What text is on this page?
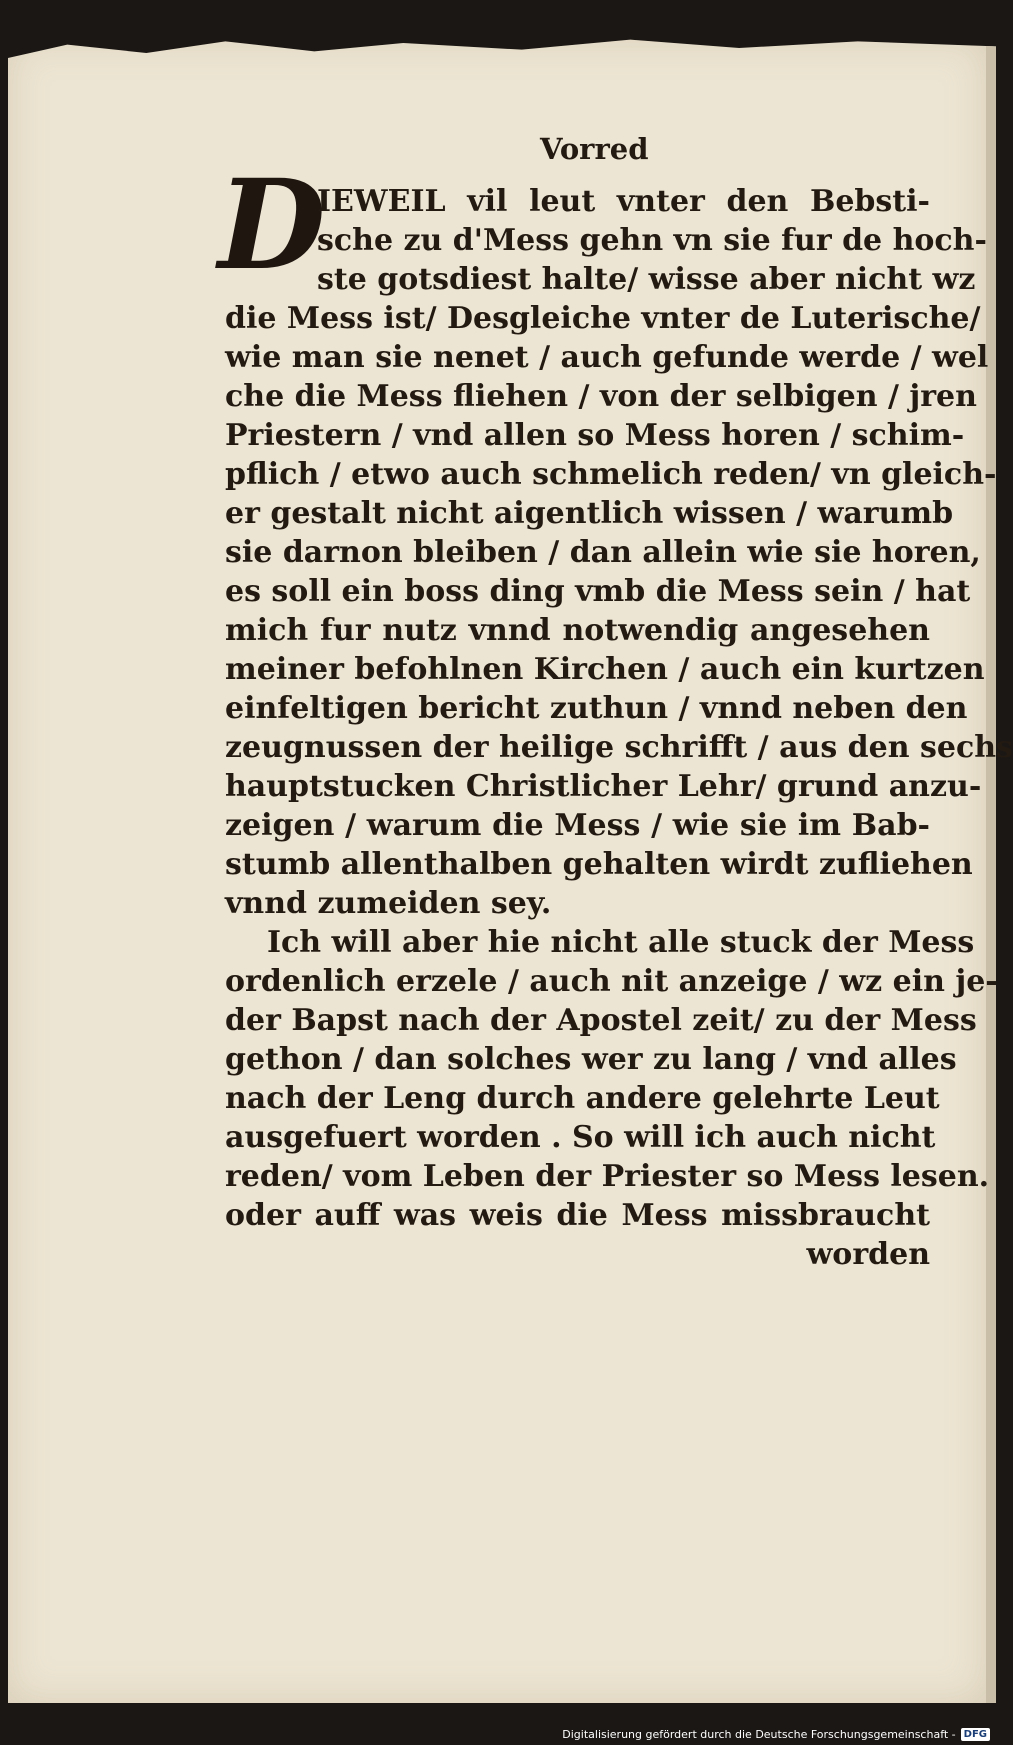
Vorred
D
IEWEIL vil leut vnter den Bebsti-
sche zu d'Mess gehn vn sie fur de hoch-
ste gotsdiest halte/ wisse aber nicht wz
die Mess ist/ Desgleiche vnter de Luterische/
wie man sie nenet / auch gefunde werde / wel
che die Mess fliehen / von der selbigen / jren
Priestern / vnd allen so Mess horen / schim-
pflich / etwo auch schmelich reden/ vn gleich-
er gestalt nicht aigentlich wissen / warumb
sie darnon bleiben / dan allein wie sie horen,
es soll ein boss ding vmb die Mess sein / hat
mich fur nutz vnnd notwendig angesehen
meiner befohlnen Kirchen / auch ein kurtzen
einfeltigen bericht zuthun / vnnd neben den
zeugnussen der heilige schrifft / aus den sechs
hauptstucken Christlicher Lehr/ grund anzu-
zeigen / warum die Mess / wie sie im Bab-
stumb allenthalben gehalten wirdt zufliehen
vnnd zumeiden sey.
Ich will aber hie nicht alle stuck der Mess
ordenlich erzele / auch nit anzeige / wz ein je-
der Bapst nach der Apostel zeit/ zu der Mess
gethon / dan solches wer zu lang / vnd alles
nach der Leng durch andere gelehrte Leut
ausgefuert worden . So will ich auch nicht
reden/ vom Leben der Priester so Mess lesen.
oder auff was weis die Mess missbraucht
worden
Digitalisierung gefördert durch die Deutsche Forschungsgemeinschaft - DFG
